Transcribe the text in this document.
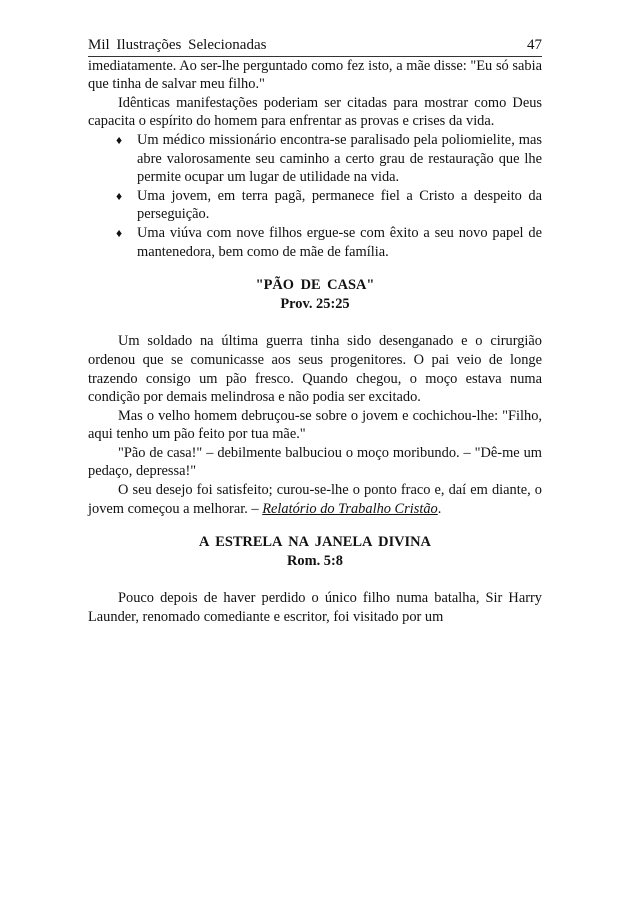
Mil Ilustrações Selecionadas	47

imediatamente. Ao ser-lhe perguntado como fez isto, a mãe disse: "Eu só sabia que tinha de salvar meu filho."

Idênticas manifestações poderiam ser citadas para mostrar como Deus capacita o espírito do homem para enfrentar as provas e crises da vida.

♦ Um médico missionário encontra-se paralisado pela poliomielite, mas abre valorosamente seu caminho a certo grau de restauração que lhe permite ocupar um lugar de utilidade na vida.
♦ Uma jovem, em terra pagã, permanece fiel a Cristo a despeito da perseguição.
♦ Uma viúva com nove filhos ergue-se com êxito a seu novo papel de mantenedora, bem como de mãe de família.
"PÃO DE CASA"
Prov. 25:25

Um soldado na última guerra tinha sido desenganado e o cirurgião ordenou que se comunicasse aos seus progenitores. O pai veio de longe trazendo consigo um pão fresco. Quando chegou, o moço estava numa condição por demais melindrosa e não podia ser excitado.

Mas o velho homem debruçou-se sobre o jovem e cochichou-lhe: "Filho, aqui tenho um pão feito por tua mãe."

"Pão de casa!" – debilmente balbuciou o moço moribundo. – "Dê-me um pedaço, depressa!"

O seu desejo foi satisfeito; curou-se-lhe o ponto fraco e, daí em diante, o jovem começou a melhorar. – Relatório do Trabalho Cristão.

A ESTRELA NA JANELA DIVINA
Rom. 5:8

Pouco depois de haver perdido o único filho numa batalha, Sir Harry Launder, renomado comediante e escritor, foi visitado por um
